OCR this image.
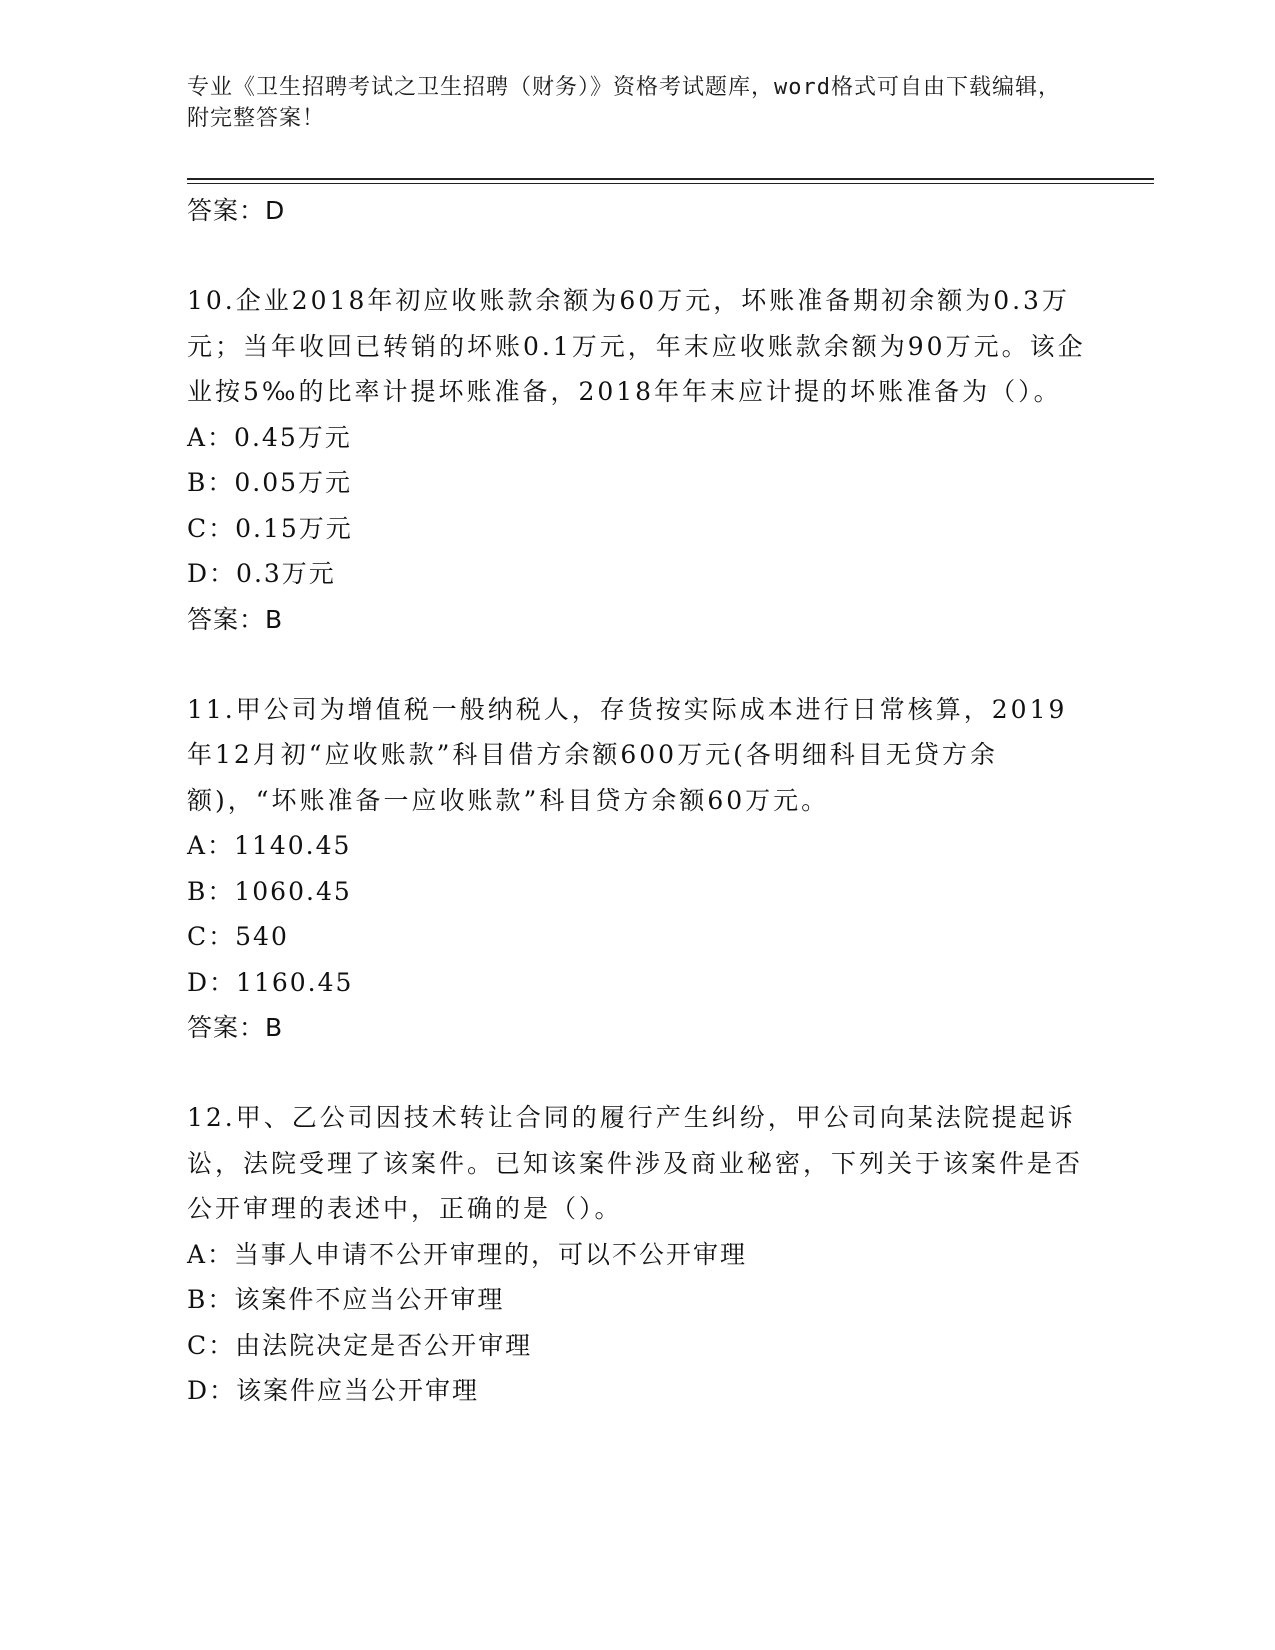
专业《卫生招聘考试之卫生招聘（财务）》资格考试题库，word格式可自由下载编辑，附完整答案！

答案：D

10.企业2018年初应收账款余额为60万元，坏账准备期初余额为0.3万元；当年收回已转销的坏账0.1万元，年末应收账款余额为90万元。该企业按5‰的比率计提坏账准备，2018年年末应计提的坏账准备为（）。

A：0.45万元

B：0.05万元

C：0.15万元

D：0.3万元

答案：B

11.甲公司为增值税一般纳税人，存货按实际成本进行日常核算，2019年12月初“应收账款”科目借方余额600万元(各明细科目无贷方余额)，“坏账准备一应收账款”科目贷方余额60万元。

A：1140.45

B：1060.45

C：540

D：1160.45

答案：B

12.甲、乙公司因技术转让合同的履行产生纠纷，甲公司向某法院提起诉讼，法院受理了该案件。已知该案件涉及商业秘密，下列关于该案件是否公开审理的表述中，正确的是（）。

A：当事人申请不公开审理的，可以不公开审理

B：该案件不应当公开审理

C：由法院决定是否公开审理

D：该案件应当公开审理
